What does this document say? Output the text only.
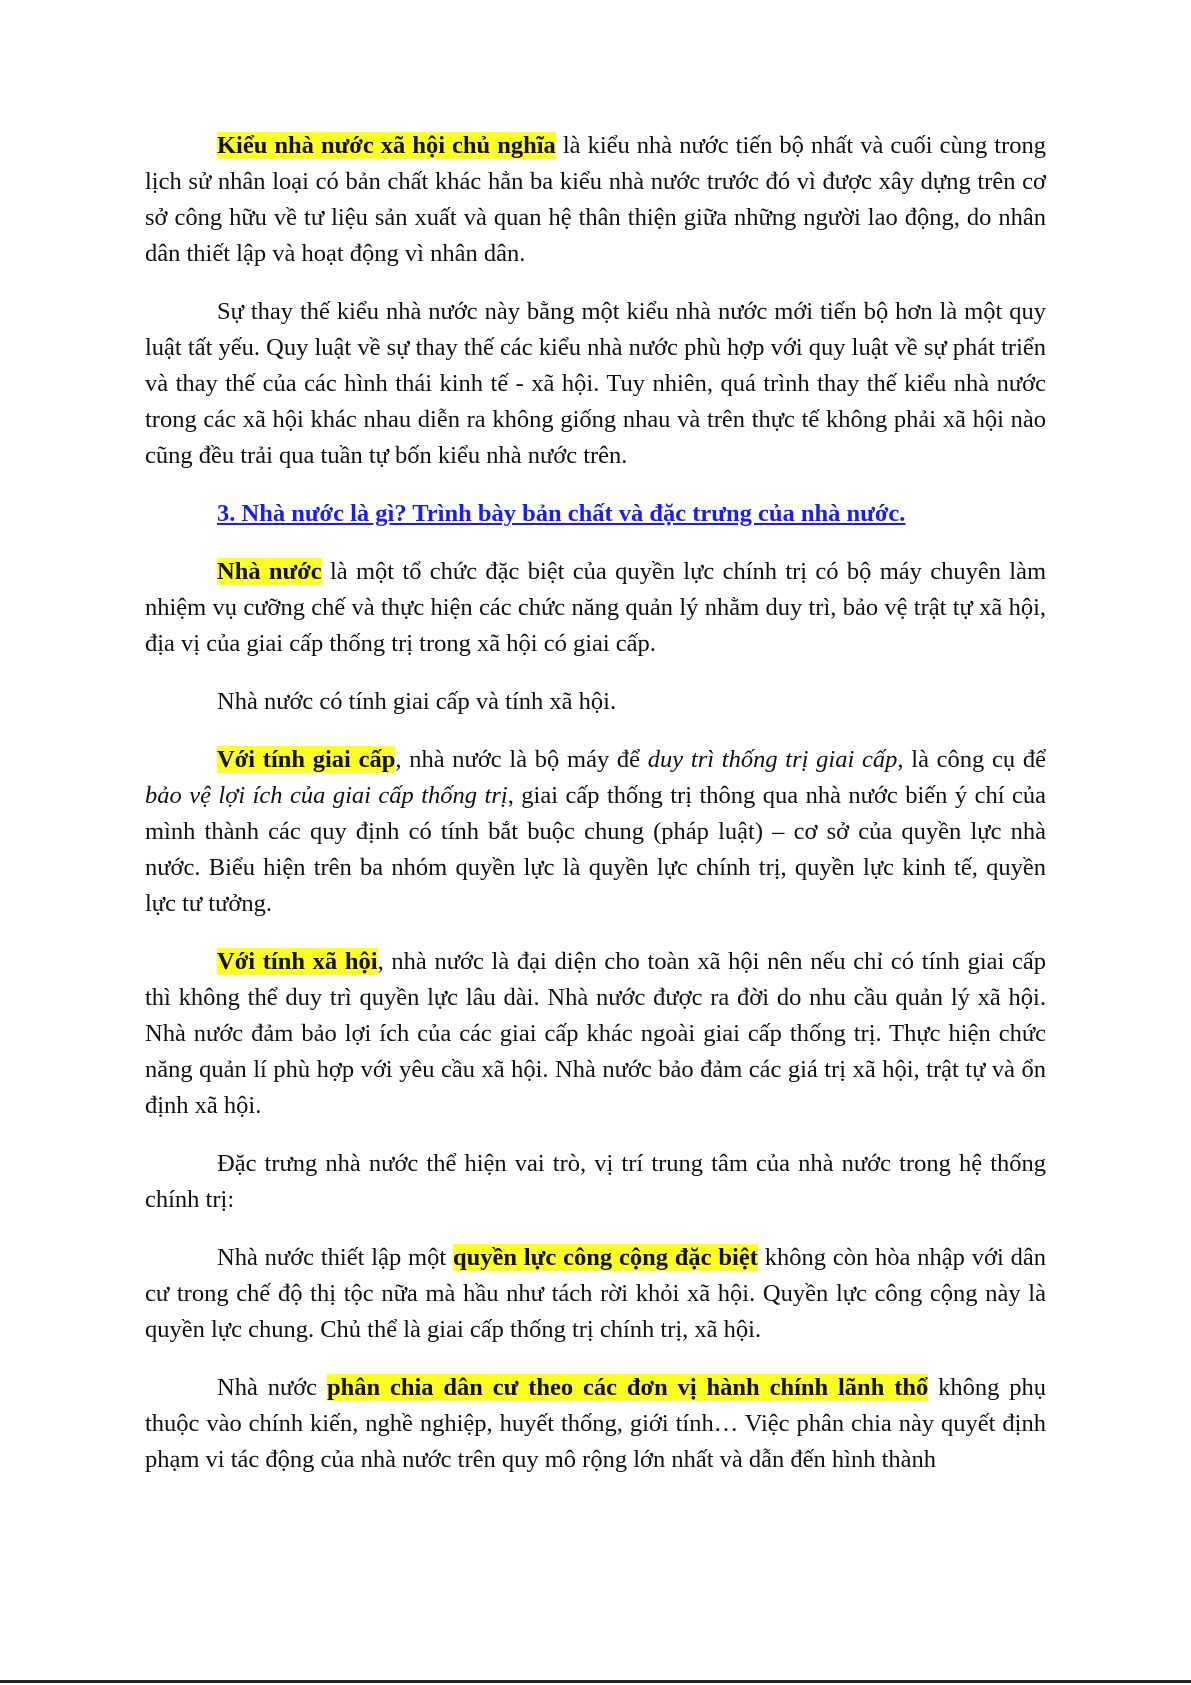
Kiểu nhà nước xã hội chủ nghĩa là kiểu nhà nước tiến bộ nhất và cuối cùng trong lịch sử nhân loại có bản chất khác hẳn ba kiểu nhà nước trước đó vì được xây dựng trên cơ sở công hữu về tư liệu sản xuất và quan hệ thân thiện giữa những người lao động, do nhân dân thiết lập và hoạt động vì nhân dân.

Sự thay thế kiểu nhà nước này bằng một kiểu nhà nước mới tiến bộ hơn là một quy luật tất yếu. Quy luật về sự thay thế các kiểu nhà nước phù hợp với quy luật về sự phát triển và thay thế của các hình thái kinh tế - xã hội. Tuy nhiên, quá trình thay thế kiểu nhà nước trong các xã hội khác nhau diễn ra không giống nhau và trên thực tế không phải xã hội nào cũng đều trải qua tuần tự bốn kiểu nhà nước trên.

3. Nhà nước là gì? Trình bày bản chất và đặc trưng của nhà nước.

Nhà nước là một tổ chức đặc biệt của quyền lực chính trị có bộ máy chuyên làm nhiệm vụ cưỡng chế và thực hiện các chức năng quản lý nhằm duy trì, bảo vệ trật tự xã hội, địa vị của giai cấp thống trị trong xã hội có giai cấp.

Nhà nước có tính giai cấp và tính xã hội.

Với tính giai cấp, nhà nước là bộ máy để duy trì thống trị giai cấp, là công cụ để bảo vệ lợi ích của giai cấp thống trị, giai cấp thống trị thông qua nhà nước biến ý chí của mình thành các quy định có tính bắt buộc chung (pháp luật) – cơ sở của quyền lực nhà nước. Biểu hiện trên ba nhóm quyền lực là quyền lực chính trị, quyền lực kinh tế, quyền lực tư tưởng.

Với tính xã hội, nhà nước là đại diện cho toàn xã hội nên nếu chỉ có tính giai cấp thì không thể duy trì quyền lực lâu dài. Nhà nước được ra đời do nhu cầu quản lý xã hội. Nhà nước đảm bảo lợi ích của các giai cấp khác ngoài giai cấp thống trị. Thực hiện chức năng quản lí phù hợp với yêu cầu xã hội. Nhà nước bảo đảm các giá trị xã hội, trật tự và ổn định xã hội.

Đặc trưng nhà nước thể hiện vai trò, vị trí trung tâm của nhà nước trong hệ thống chính trị:

Nhà nước thiết lập một quyền lực công cộng đặc biệt không còn hòa nhập với dân cư trong chế độ thị tộc nữa mà hầu như tách rời khỏi xã hội. Quyền lực công cộng này là quyền lực chung. Chủ thể là giai cấp thống trị chính trị, xã hội.

Nhà nước phân chia dân cư theo các đơn vị hành chính lãnh thổ không phụ thuộc vào chính kiến, nghề nghiệp, huyết thống, giới tính… Việc phân chia này quyết định phạm vi tác động của nhà nước trên quy mô rộng lớn nhất và dẫn đến hình thành
